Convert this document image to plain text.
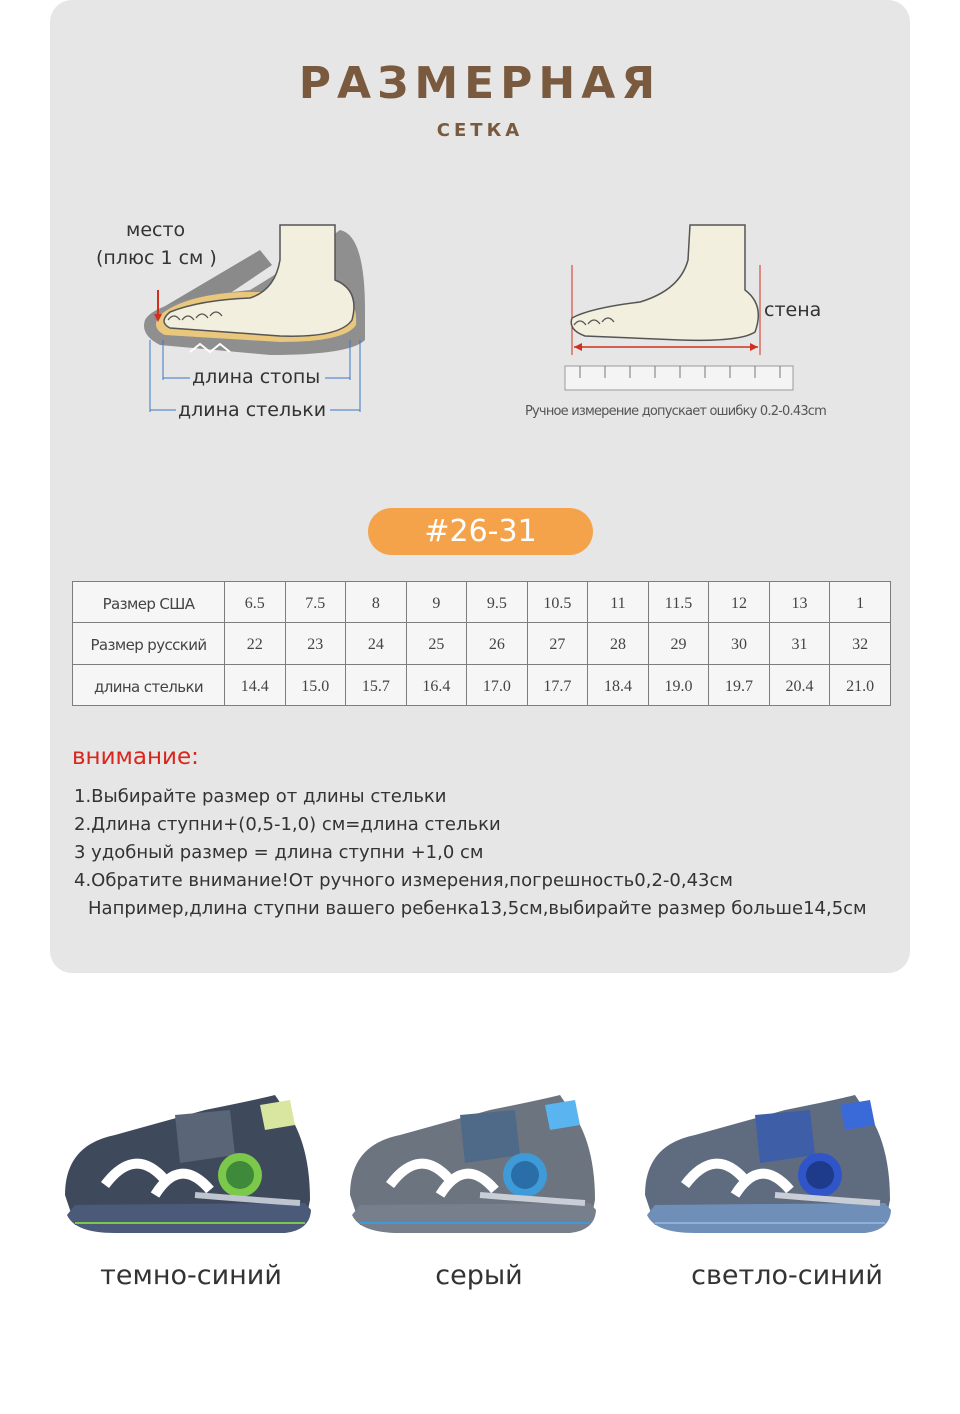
РАЗМЕРНАЯ
СЕТКА
место
(плюс 1 см )
длина стопы
длина стельки
стена
Ручное измерение допускает ошибку 0.2-0.43cm
#26-31
Размер США	6.5	7.5	8	9	9.5	10.5	11	11.5	12	13	1
Размер русский	22	23	24	25	26	27	28	29	30	31	32
длина стельки	14.4	15.0	15.7	16.4	17.0	17.7	18.4	19.0	19.7	20.4	21.0
внимание:
1.Выбирайте размер от длины стельки
2.Длина ступни+(0,5-1,0) см=длина стельки
3 удобный размер = длина ступни +1,0 см
4.Обратите внимание!От ручного измерения,погрешность0,2-0,43см
Например,длина ступни вашего ребенка13,5см,выбирайте размер больше14,5см
темно-синий	серый	светло-синий
